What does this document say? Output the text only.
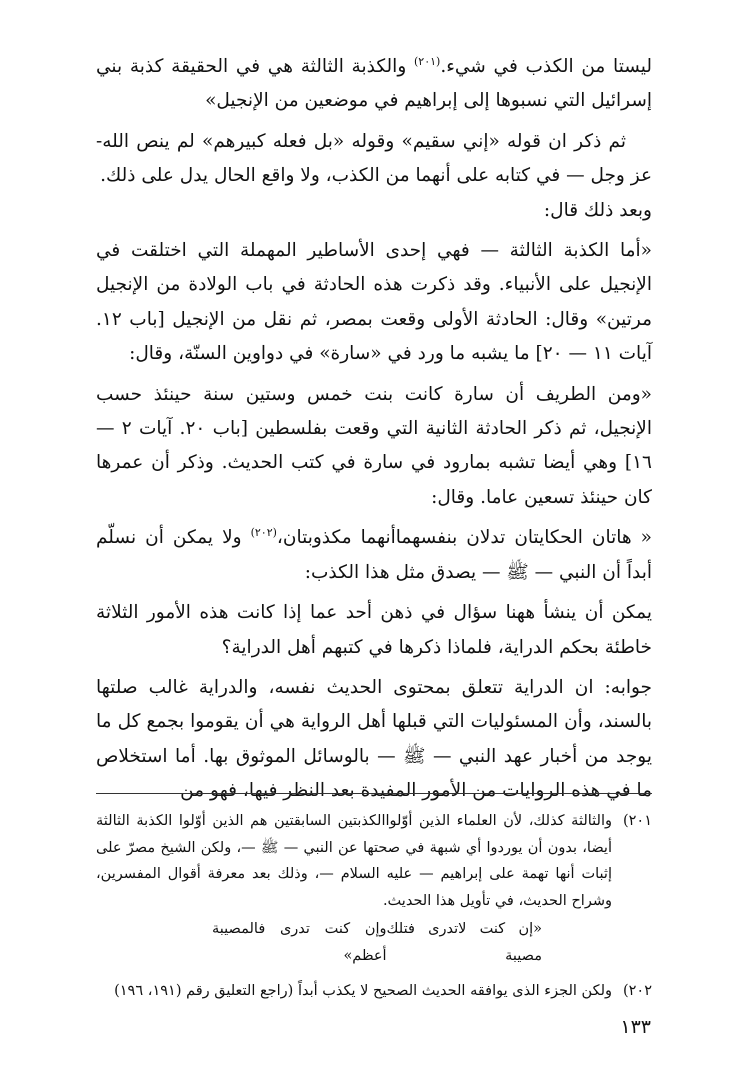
ليستا من الكذب في شيء.$^{(٢٠١)}$ والكذبة الثالثة هي في الحقيقة كذبة بني إسرائيل التي نسبوها إلى إبراهيم في موضعين من الإنجيل»

ثم ذكر ان قوله «إني سقيم» وقوله «بل فعله كبيرهم» لم ينص الله-عز وجل — في كتابه على أنهما من الكذب، ولا واقع الحال يدل على ذلك.

وبعد ذلك قال:

«أما الكذبة الثالثة — فهي إحدى الأساطير المهملة التي اختلقت في الإنجيل على الأنبياء. وقد ذكرت هذه الحادثة في باب الولادة من الإنجيل مرتين» وقال: الحادثة الأولى وقعت بمصر، ثم نقل من الإنجيل [باب ١٢. آيات ١١ — ٢٠] ما يشبه ما ورد في «سارة» في دواوين السنّة، وقال:

«ومن الطريف أن سارة كانت بنت خمس وستين سنة حينئذ حسب الإنجيل، ثم ذكر الحادثة الثانية التي وقعت بفلسطين [باب ٢٠. آيات ٢ — ١٦] وهي أيضا تشبه بمارود في سارة في كتب الحديث. وذكر أن عمرها كان حينئذ تسعين عاما. وقال:

« هاتان الحكايتان تدلان بنفسهماأنهما مكذوبتان،$^{(٢٠٢)}$ ولا يمكن أن نسلّم أبداً أن النبي — ﷺ — يصدق مثل هذا الكذب:

يمكن أن ينشأ ههنا سؤال في ذهن أحد عما إذا كانت هذه الأمور الثلاثة خاطئة بحكم الدراية، فلماذا ذكرها في كتبهم أهل الدراية؟

جوابه: ان الدراية تتعلق بمحتوى الحديث نفسه، والدراية غالب صلتها بالسند، وأن المسئوليات التي قبلها أهل الرواية هي أن يقوموا بجمع كل ما يوجد من أخبار عهد النبي — ﷺ — بالوسائل الموثوق بها. أما استخلاص ما في هذه الروايات من الأمور المفيدة بعد النظر فيها، فهو من

٢٠١)
والثالثة كذلك، لأن العلماء الذين أوّلواالكذبتين السابقتين هم الذين أوّلوا الكذبة الثالثة أيضا، بدون أن يوردوا أي شبهة في صحتها عن النبي — ﷺ —، ولكن الشيخ مصرّ على إثبات أنها تهمة على إبراهيم — عليه السلام —، وذلك بعد معرفة أقوال المفسرين، وشراح الحديث، في تأويل هذا الحديث.
«إن كنت لاتدرى فتلك مصيبة
وإن كنت تدرى فالمصيبة أعظم»
٢٠٢)
ولكن الجزء الذى يوافقه الحديث الصحيح لا يكذب أبداً (راجع التعليق رقم (١٩١، ١٩٦)
١٣٣
